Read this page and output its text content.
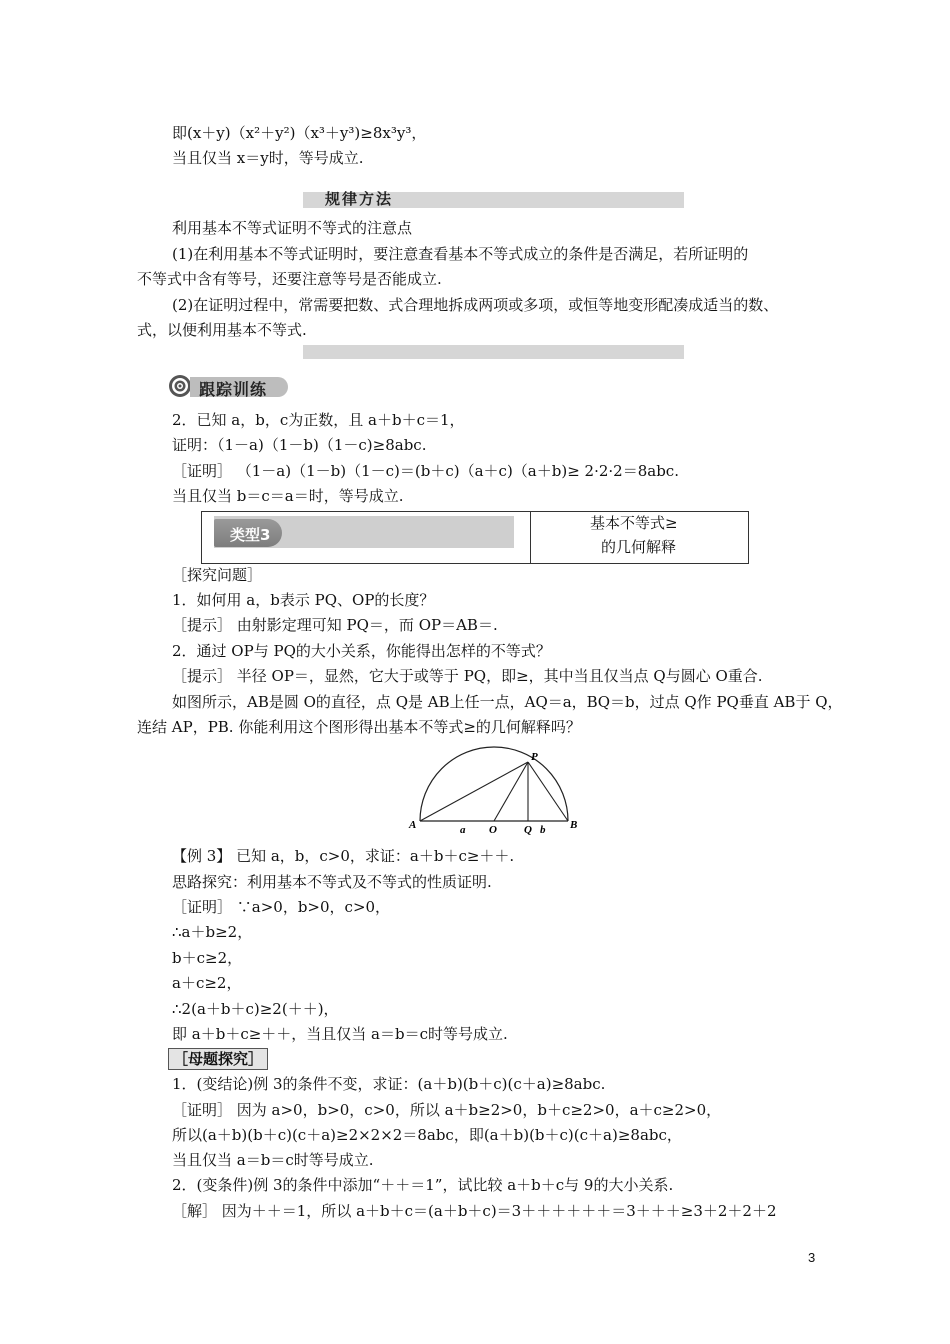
即(x＋y)（x²＋y²)（x³＋y³)≥8x³y³，
当且仅当 x＝y时，等号成立.
规律方法
利用基本不等式证明不等式的注意点
(1)在利用基本不等式证明时，要注意查看基本不等式成立的条件是否满足，若所证明的
不等式中含有等号，还要注意等号是否能成立.
(2)在证明过程中，常需要把数、式合理地拆成两项或多项，或恒等地变形配凑成适当的数、
式，以便利用基本不等式.
跟踪训练
2．已知 a，b，c为正数，且 a＋b＋c＝1，
证明：（1－a)（1－b)（1－c)≥8abc.
［证明］ （1－a)（1－b)（1－c)＝(b＋c)（a＋c)（a＋b)≥ 2·2·2＝8abc.
当且仅当 b＝c＝a＝时，等号成立.
类型3
基本不等式≥
的几何解释
［探究问题］
1．如何用 a，b表示 PQ、OP的长度？
［提示］ 由射影定理可知 PQ＝，而 OP＝AB＝.
2．通过 OP与 PQ的大小关系，你能得出怎样的不等式？
［提示］ 半径 OP＝，显然，它大于或等于 PQ，即≥，其中当且仅当点 Q与圆心 O重合.
如图所示，AB是圆 O的直径，点 Q是 AB上任一点，AQ＝a，BQ＝b，过点 Q作 PQ垂直 AB于 Q，
连结 AP，PB. 你能利用这个图形得出基本不等式≥的几何解释吗？
P
A	B
a O Q b
【例 3】 已知 a，b，c>0，求证：a＋b＋c≥＋＋.
思路探究：利用基本不等式及不等式的性质证明.
［证明］ ∵a>0，b>0，c>0，
∴a＋b≥2，
b＋c≥2，
a＋c≥2，
∴2(a＋b＋c)≥2(＋＋)，
即 a＋b＋c≥＋＋，当且仅当 a＝b＝c时等号成立.
［母题探究］
1．(变结论)例 3的条件不变，求证：(a＋b)(b＋c)(c＋a)≥8abc.
［证明］ 因为 a>0，b>0，c>0，所以 a＋b≥2>0，b＋c≥2>0，a＋c≥2>0，
所以(a＋b)(b＋c)(c＋a)≥2×2×2＝8abc，即(a＋b)(b＋c)(c＋a)≥8abc，
当且仅当 a＝b＝c时等号成立.
2．(变条件)例 3的条件中添加“＋＋＝1”，试比较 a＋b＋c与 9的大小关系.
［解］ 因为＋＋＝1，所以 a＋b＋c＝(a＋b＋c)＝3＋＋＋＋＋＋＝3＋＋＋≥3＋2＋2＋2
3
